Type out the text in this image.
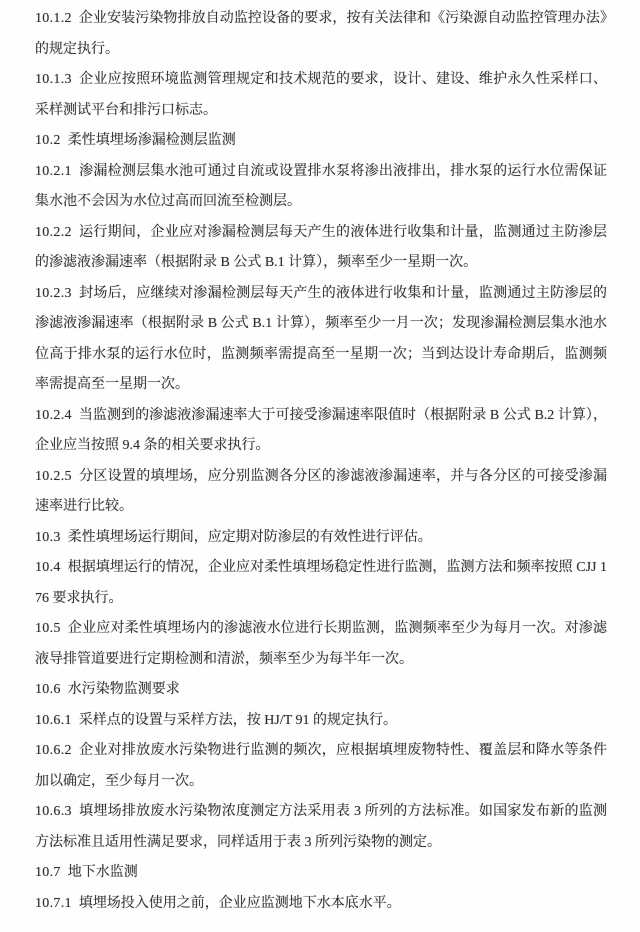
10.1.2 企业安装污染物排放自动监控设备的要求，按有关法律和《污染源自动监控管理办法》的规定执行。

10.1.3 企业应按照环境监测管理规定和技术规范的要求，设计、建设、维护永久性采样口、采样测试平台和排污口标志。

10.2 柔性填埋场渗漏检测层监测

10.2.1 渗漏检测层集水池可通过自流或设置排水泵将渗出液排出，排水泵的运行水位需保证集水池不会因为水位过高而回流至检测层。

10.2.2 运行期间，企业应对渗漏检测层每天产生的液体进行收集和计量，监测通过主防渗层的渗滤液渗漏速率（根据附录 B 公式 B.1 计算），频率至少一星期一次。

10.2.3 封场后，应继续对渗漏检测层每天产生的液体进行收集和计量，监测通过主防渗层的渗滤液渗漏速率（根据附录 B 公式 B.1 计算），频率至少一月一次；发现渗漏检测层集水池水位高于排水泵的运行水位时，监测频率需提高至一星期一次；当到达设计寿命期后，监测频率需提高至一星期一次。

10.2.4 当监测到的渗滤液渗漏速率大于可接受渗漏速率限值时（根据附录 B 公式 B.2 计算），企业应当按照 9.4 条的相关要求执行。

10.2.5 分区设置的填埋场，应分别监测各分区的渗滤液渗漏速率，并与各分区的可接受渗漏速率进行比较。

10.3 柔性填埋场运行期间，应定期对防渗层的有效性进行评估。

10.4 根据填埋运行的情况，企业应对柔性填埋场稳定性进行监测，监测方法和频率按照 CJJ 176 要求执行。

10.5 企业应对柔性填埋场内的渗滤液水位进行长期监测，监测频率至少为每月一次。对渗滤液导排管道要进行定期检测和清淤，频率至少为每半年一次。

10.6 水污染物监测要求

10.6.1 采样点的设置与采样方法，按 HJ/T 91 的规定执行。

10.6.2 企业对排放废水污染物进行监测的频次，应根据填埋废物特性、覆盖层和降水等条件加以确定，至少每月一次。

10.6.3 填埋场排放废水污染物浓度测定方法采用表 3 所列的方法标准。如国家发布新的监测方法标准且适用性满足要求，同样适用于表 3 所列污染物的测定。

10.7 地下水监测

10.7.1 填埋场投入使用之前，企业应监测地下水本底水平。
